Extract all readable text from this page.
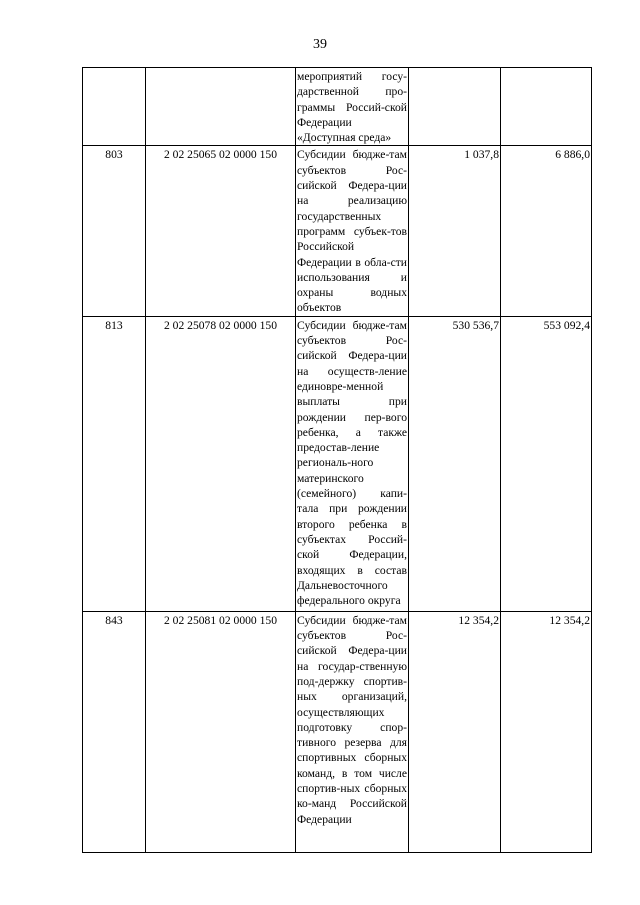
39
		мероприятий госу-дарственной про-граммы Россий-ской Федерации «Доступная среда»		
803	2 02 25065 02 0000 150	Субсидии бюдже-там субъектов Рос-сийской Федера-ции на реализацию государственных программ субъек-тов Российской Федерации в обла-сти использования и охраны водных объектов	1 037,8	6 886,0
813	2 02 25078 02 0000 150	Субсидии бюдже-там субъектов Рос-сийской Федера-ции на осуществ-ление единовре-менной выплаты при рождении пер-вого ребенка, а также предостав-ление региональ-ного материнского (семейного) капи-тала при рождении второго ребенка в субъектах Россий-ской Федерации, входящих в состав Дальневосточного федерального округа	530 536,7	553 092,4
843	2 02 25081 02 0000 150	Субсидии бюдже-там субъектов Рос-сийской Федера-ции на государ-ственную под-держку спортив-ных организаций, осуществляющих подготовку спор-тивного резерва для спортивных сборных команд, в том числе спортив-ных сборных ко-манд Российской Федерации	12 354,2	12 354,2
